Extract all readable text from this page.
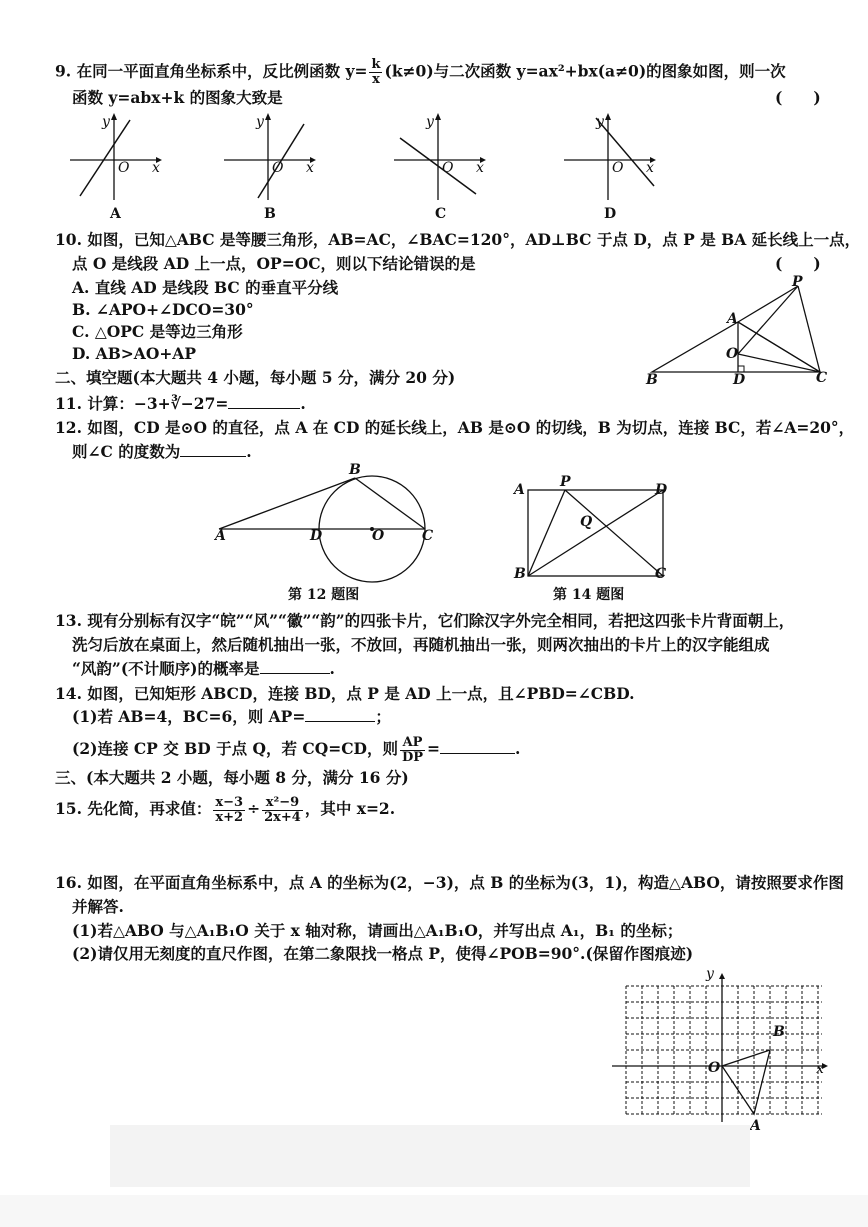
9. 在同一平面直角坐标系中，反比例函数 $y= \frac{k}{x} (k\ne 0)$与二次函数 y=ax²+bx(a≠0)的图象如图，则一次
函数 y=abx+k 的图象大致是	(　　)
y
O x
A
y
O x
B
y
O x
C
y
O x
D
10. 如图，已知△ABC 是等腰三角形，AB=AC，∠BAC=120°，AD⊥BC 于点 D，点 P 是 BA 延长线上一点，
点 O 是线段 AD 上一点，OP=OC，则以下结论错误的是	(　　)
A. 直线 AD 是线段 BC 的垂直平分线
B. ∠APO+∠DCO=30°
C. △OPC 是等边三角形
D. AB>AO+AP
P
A
O
B	D	C
二、填空题(本大题共 4 小题，每小题 5 分，满分 20 分)
11. 计算：−3+∛−27=	.
12. 如图，CD 是⊙O 的直径，点 A 在 CD 的延长线上，AB 是⊙O 的切线，B 为切点，连接 BC，若∠A=20°，
则∠C 的度数为	.
B
A	D	O	C
第 12 题图
A	P	D
Q
B	C
第 14 题图
13. 现有分别标有汉字“皖”“风”“徽”“韵”的四张卡片，它们除汉字外完全相同，若把这四张卡片背面朝上，
洗匀后放在桌面上，然后随机抽出一张，不放回，再随机抽出一张，则两次抽出的卡片上的汉字能组成
“风韵”(不计顺序)的概率是	.
14. 如图，已知矩形 ABCD，连接 BD，点 P 是 AD 上一点，且∠PBD=∠CBD.
(1)若 AB=4，BC=6，则 AP=	；
(2)连接 CP 交 BD 于点 Q，若 CQ=CD，则 $\frac{AP}{DP}$ =	.
三、(本大题共 2 小题，每小题 8 分，满分 16 分)
15. 先化简，再求值： $\frac{x-3}{x+2} \div \frac{\text{x²−9}}{2x+4}$ ，其中 x=2.
16. 如图，在平面直角坐标系中，点 A 的坐标为(2，−3)，点 B 的坐标为(3，1)，构造△ABO，请按照要求作图
并解答.
(1)若△ABO 与△A₁B₁O 关于 x 轴对称，请画出△A₁B₁O，并写出点 A₁，B₁ 的坐标；
(2)请仅用无刻度的直尺作图，在第二象限找一格点 P，使得∠POB=90°.(保留作图痕迹)
y
x
O
B
A
